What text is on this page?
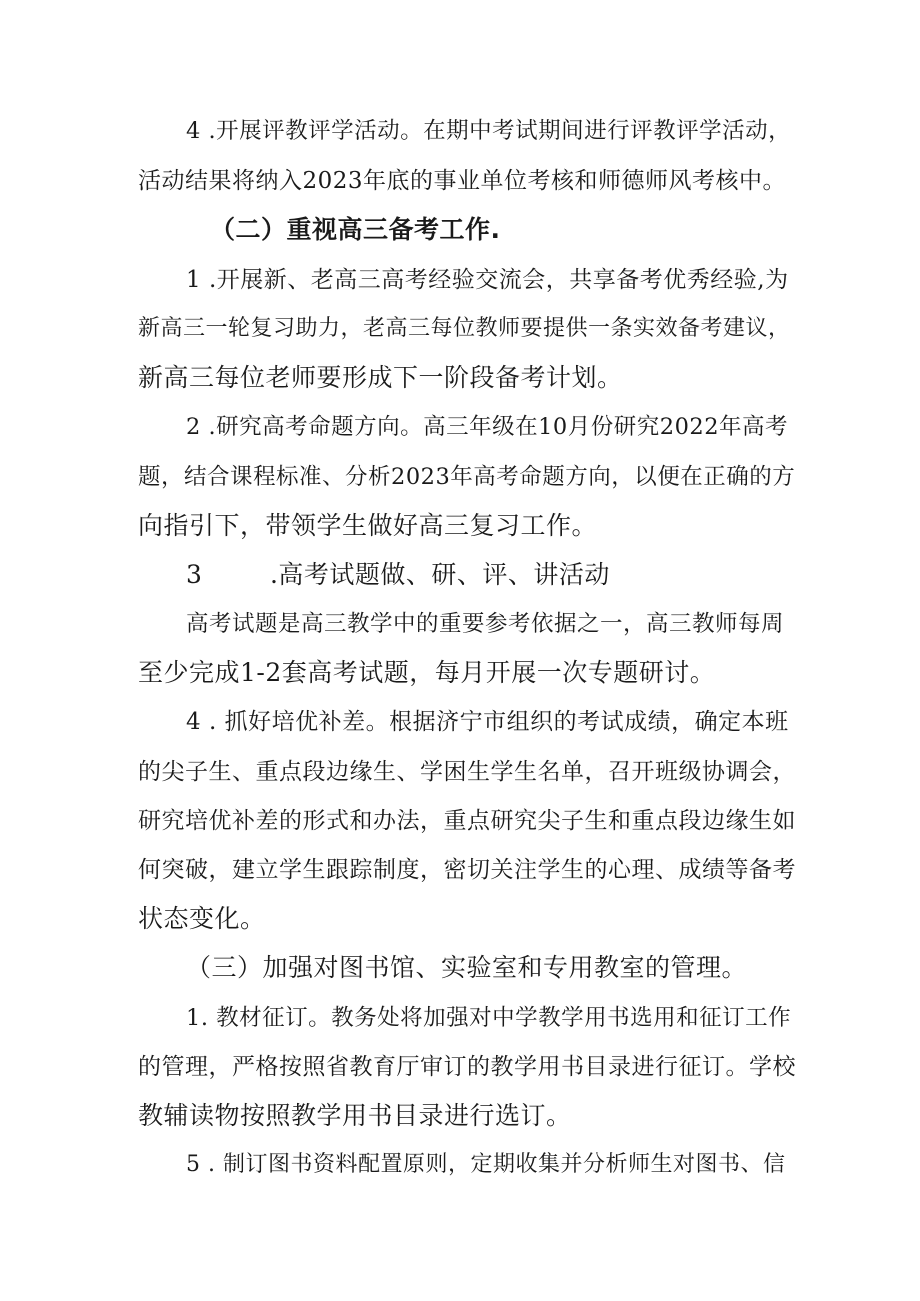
4 .开展评教评学活动。在期中考试期间进行评教评学活动，
活动结果将纳入2023年底的事业单位考核和师德师风考核中。
（二）重视高三备考工作.
1 .开展新、老高三高考经验交流会，共享备考优秀经验,为
新高三一轮复习助力，老高三每位教师要提供一条实效备考建议，
新高三每位老师要形成下一阶段备考计划。
2 .研究高考命题方向。高三年级在10月份研究2022年高考
题，结合课程标准、分析2023年高考命题方向，以便在正确的方
向指引下，带领学生做好高三复习工作。
3        .高考试题做、研、评、讲活动
高考试题是高三教学中的重要参考依据之一，高三教师每周
至少完成1-2套高考试题，每月开展一次专题研讨。
4 . 抓好培优补差。根据济宁市组织的考试成绩，确定本班
的尖子生、重点段边缘生、学困生学生名单，召开班级协调会，
研究培优补差的形式和办法，重点研究尖子生和重点段边缘生如
何突破，建立学生跟踪制度，密切关注学生的心理、成绩等备考
状态变化。
（三）加强对图书馆、实验室和专用教室的管理。
1. 教材征订。教务处将加强对中学教学用书选用和征订工作
的管理，严格按照省教育厅审订的教学用书目录进行征订。学校
教辅读物按照教学用书目录进行选订。
5 . 制订图书资料配置原则，定期收集并分析师生对图书、信
